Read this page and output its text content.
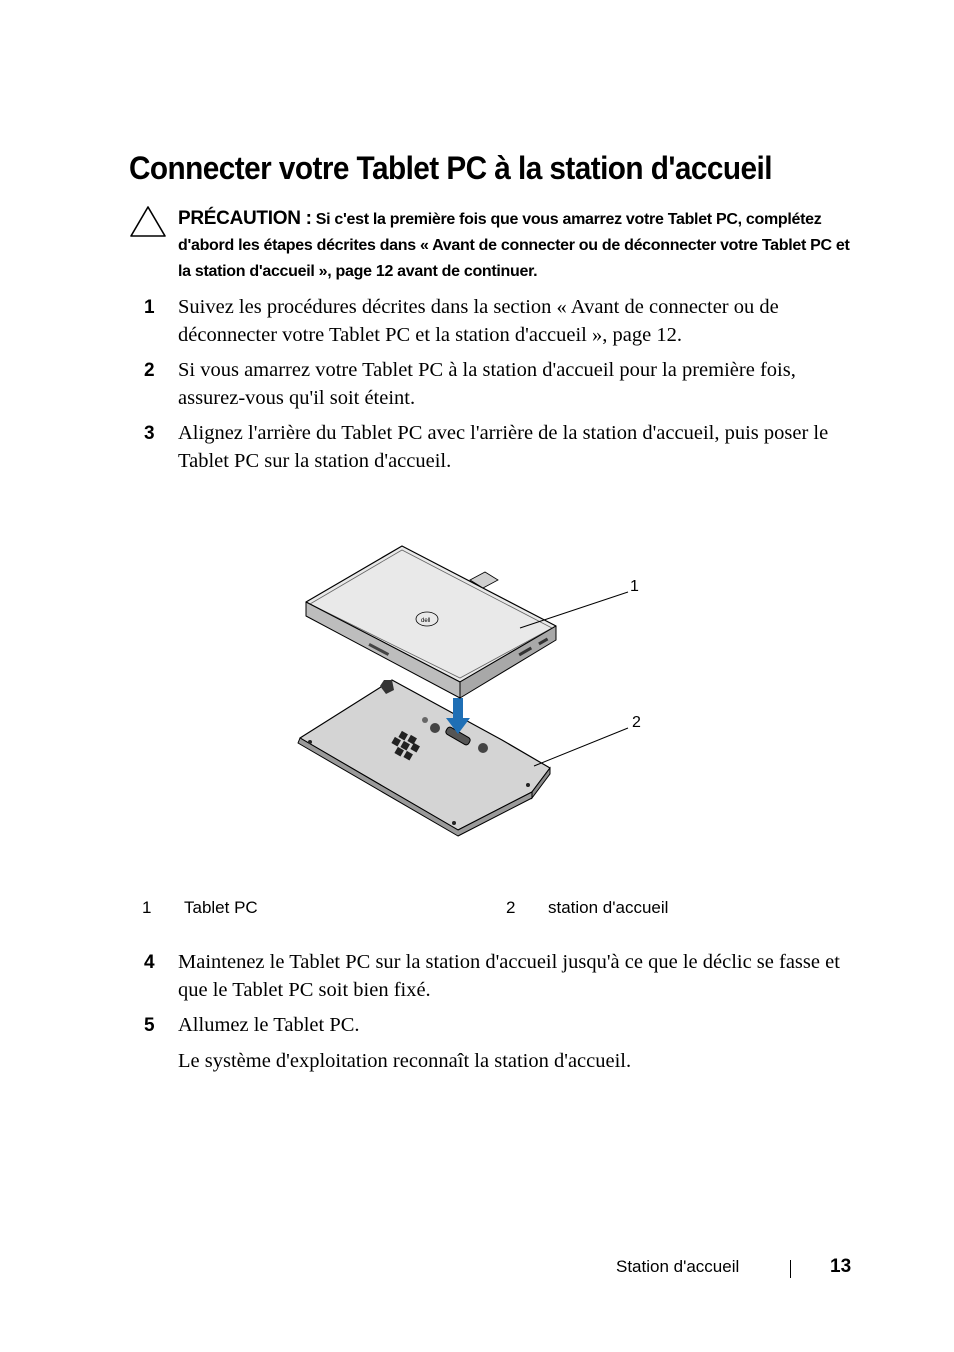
Connecter votre Tablet PC à la station d'accueil
PRÉCAUTION : Si c'est la première fois que vous amarrez votre Tablet PC, complétez d'abord les étapes décrites dans « Avant de connecter ou de déconnecter votre Tablet PC et la station d'accueil », page 12 avant de continuer.
1 Suivez les procédures décrites dans la section « Avant de connecter ou de déconnecter votre Tablet PC et la station d'accueil », page 12.
2 Si vous amarrez votre Tablet PC à la station d'accueil pour la première fois, assurez-vous qu'il soit éteint.
3 Alignez l'arrière du Tablet PC avec l'arrière de la station d'accueil, puis poser le Tablet PC sur la station d'accueil.
4 Maintenez le Tablet PC sur la station d'accueil jusqu'à ce que le déclic se fasse et que le Tablet PC soit bien fixé.
5 Allumez le Tablet PC.
Le système d'exploitation reconnaît la station d'accueil.
dell
1
2
1 Tablet PC	2 station d'accueil
Station d'accueil	13
